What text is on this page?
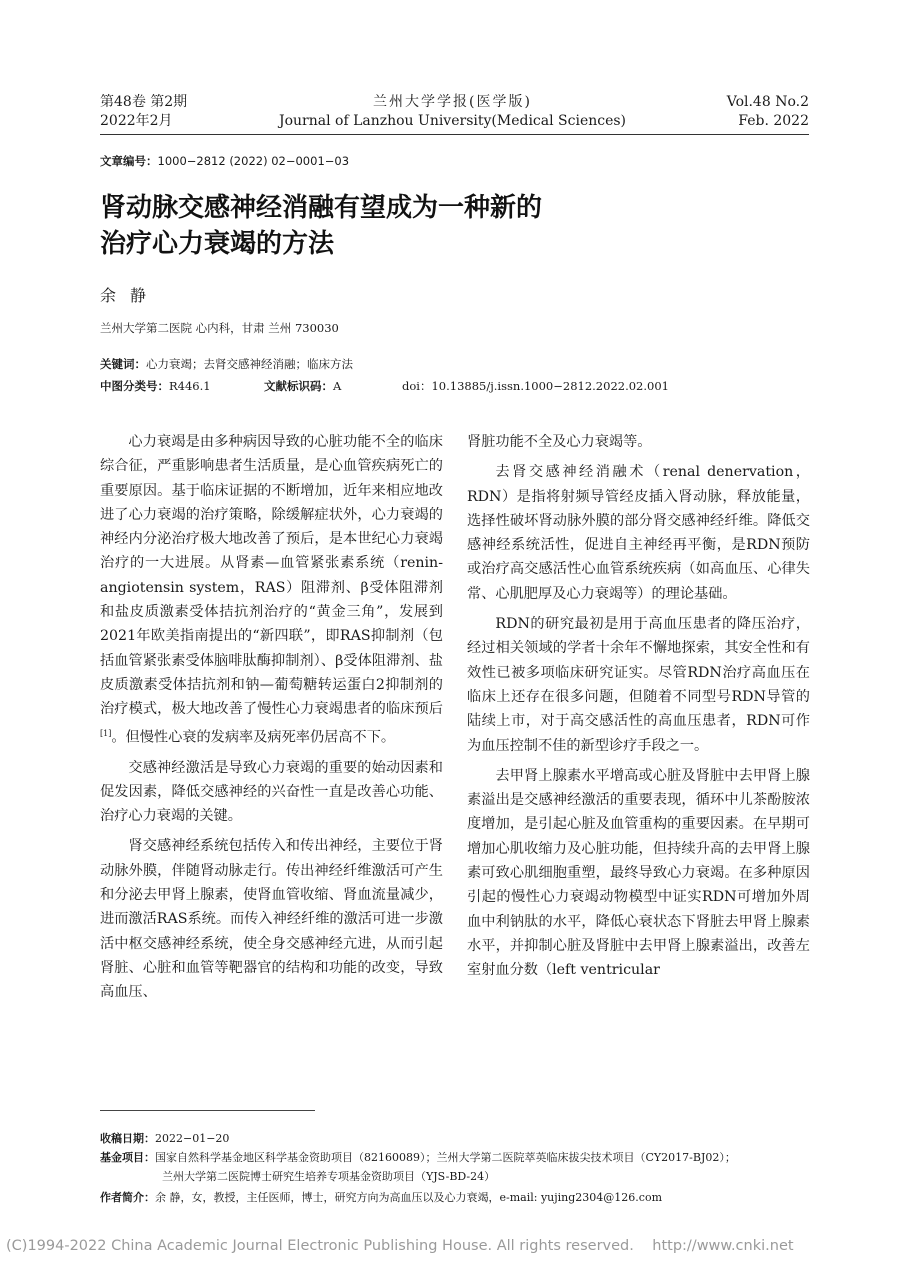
第48卷 第2期
2022年2月
兰州大学学报(医学版)
Journal of Lanzhou University(Medical Sciences)
Vol.48 No.2
Feb. 2022
文章编号：1000−2812 (2022) 02−0001−03
肾动脉交感神经消融有望成为一种新的
治疗心力衰竭的方法
余静
兰州大学第二医院 心内科，甘肃 兰州 730030
关键词：心力衰竭；去肾交感神经消融；临床方法
中图分类号：R446.1	文献标识码：A	doi：10.13885/j.issn.1000−2812.2022.02.001

心力衰竭是由多种病因导致的心脏功能不全的临床综合征，严重影响患者生活质量，是心血管疾病死亡的重要原因。基于临床证据的不断增加，近年来相应地改进了心力衰竭的治疗策略，除缓解症状外，心力衰竭的神经内分泌治疗极大地改善了预后，是本世纪心力衰竭治疗的一大进展。从肾素—血管紧张素系统（renin-angiotensin system，RAS）阻滞剂、β受体阻滞剂和盐皮质激素受体拮抗剂治疗的“黄金三角”，发展到2021年欧美指南提出的“新四联”，即RAS抑制剂（包括血管紧张素受体脑啡肽酶抑制剂）、β受体阻滞剂、盐皮质激素受体拮抗剂和钠—葡萄糖转运蛋白2抑制剂的治疗模式，极大地改善了慢性心力衰竭患者的临床预后[1]。但慢性心衰的发病率及病死率仍居高不下。

交感神经激活是导致心力衰竭的重要的始动因素和促发因素，降低交感神经的兴奋性一直是改善心功能、治疗心力衰竭的关键。

肾交感神经系统包括传入和传出神经，主要位于肾动脉外膜，伴随肾动脉走行。传出神经纤维激活可产生和分泌去甲肾上腺素，使肾血管收缩、肾血流量减少，进而激活RAS系统。而传入神经纤维的激活可进一步激活中枢交感神经系统，使全身交感神经亢进，从而引起肾脏、心脏和血管等靶器官的结构和功能的改变，导致高血压、

肾脏功能不全及心力衰竭等。

去肾交感神经消融术（renal denervation，RDN）是指将射频导管经皮插入肾动脉，释放能量，选择性破坏肾动脉外膜的部分肾交感神经纤维。降低交感神经系统活性，促进自主神经再平衡，是RDN预防或治疗高交感活性心血管系统疾病（如高血压、心律失常、心肌肥厚及心力衰竭等）的理论基础。

RDN的研究最初是用于高血压患者的降压治疗，经过相关领域的学者十余年不懈地探索，其安全性和有效性已被多项临床研究证实。尽管RDN治疗高血压在临床上还存在很多问题，但随着不同型号RDN导管的陆续上市，对于高交感活性的高血压患者，RDN可作为血压控制不佳的新型诊疗手段之一。

去甲肾上腺素水平增高或心脏及肾脏中去甲肾上腺素溢出是交感神经激活的重要表现，循环中儿茶酚胺浓度增加，是引起心脏及血管重构的重要因素。在早期可增加心肌收缩力及心脏功能，但持续升高的去甲肾上腺素可致心肌细胞重塑，最终导致心力衰竭。在多种原因引起的慢性心力衰竭动物模型中证实RDN可增加外周血中利钠肽的水平，降低心衰状态下肾脏去甲肾上腺素水平，并抑制心脏及肾脏中去甲肾上腺素溢出，改善左室射血分数（left ventricular

收稿日期：2022−01−20
基金项目：国家自然科学基金地区科学基金资助项目（82160089）；兰州大学第二医院萃英临床拔尖技术项目（CY2017-BJ02）；
兰州大学第二医院博士研究生培养专项基金资助项目（YJS-BD-24）
作者简介：余 静，女，教授，主任医师，博士，研究方向为高血压以及心力衰竭，e-mail: yujing2304@126.com
(C)1994-2022 China Academic Journal Electronic Publishing House. All rights reserved.    http://www.cnki.net
